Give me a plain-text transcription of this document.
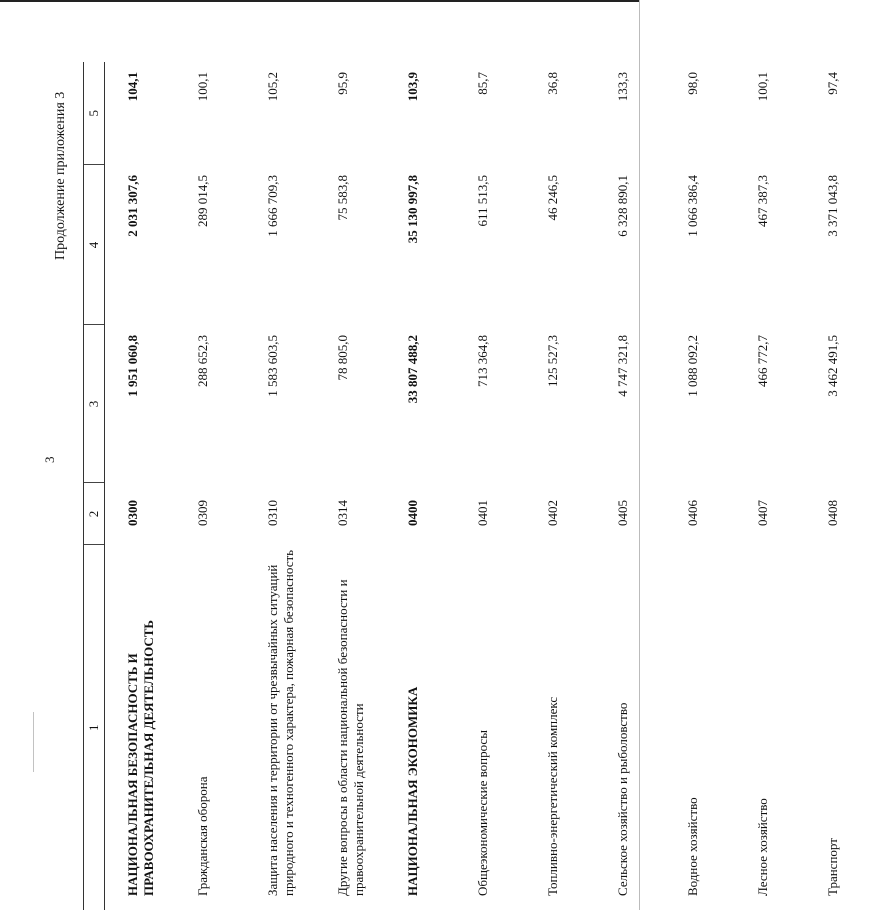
3
Продолжение приложения 3
1	2	3	4	5
НАЦИОНАЛЬНАЯ БЕЗОПАСНОСТЬ И ПРАВООХРАНИТЕЛЬНАЯ ДЕЯТЕЛЬНОСТЬ	0300	1 951 060,8	2 031 307,6	104,1
Гражданская оборона	0309	288 652,3	289 014,5	100,1
Защита населения и территории от чрезвычайных ситуаций природного и техногенного характера, пожарная безопасность	0310	1 583 603,5	1 666 709,3	105,2
Другие вопросы в области национальной безопасности и правоохранительной деятельности	0314	78 805,0	75 583,8	95,9
НАЦИОНАЛЬНАЯ ЭКОНОМИКА	0400	33 807 488,2	35 130 997,8	103,9
Общеэкономические вопросы	0401	713 364,8	611 513,5	85,7
Топливно-энергетический комплекс	0402	125 527,3	46 246,5	36,8
Сельское хозяйство и рыболовство	0405	4 747 321,8	6 328 890,1	133,3
Водное хозяйство	0406	1 088 092,2	1 066 386,4	98,0
Лесное хозяйство	0407	466 772,7	467 387,3	100,1
Транспорт	0408	3 462 491,5	3 371 043,8	97,4
